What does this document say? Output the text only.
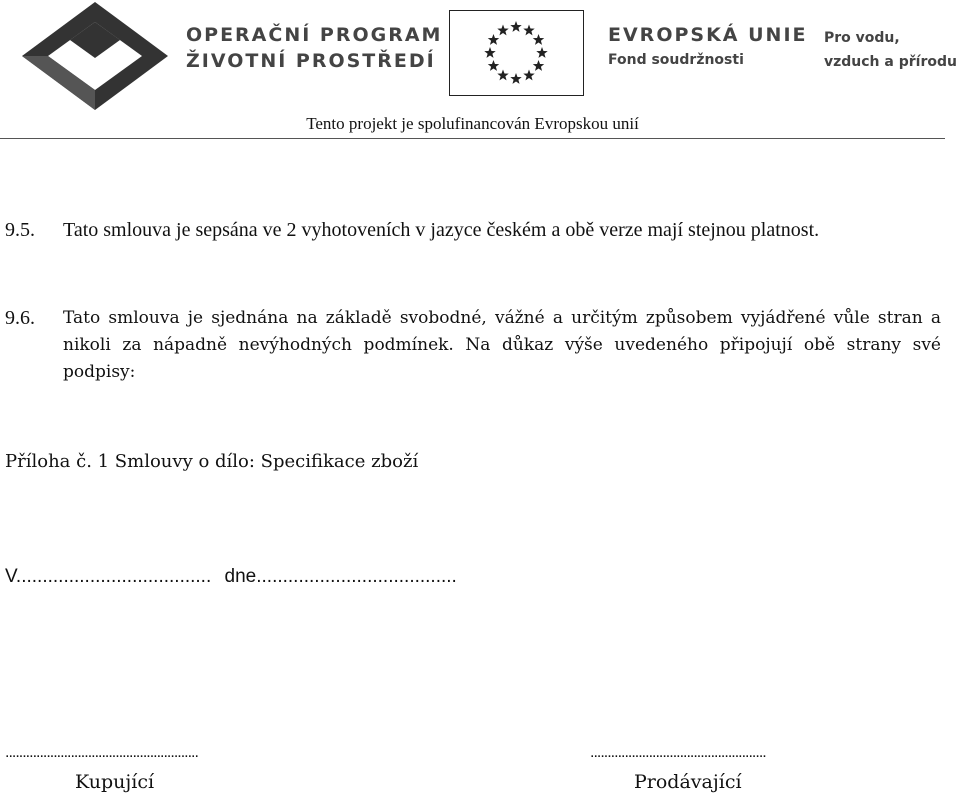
OPERAČNÍ PROGRAM
ŽIVOTNÍ PROSTŘEDÍ
EVROPSKÁ UNIE
Fond soudržnosti
Pro vodu,
vzduch a přírodu
Tento projekt je spolufinancován Evropskou unií
9.5. Tato smlouva je sepsána ve 2 vyhotoveních v jazyce českém a obě verze mají stejnou platnost.
9.6. Tato smlouva je sjednána na základě svobodné, vážné a určitým způsobem vyjádřené vůle stran a nikoli za nápadně nevýhodných podmínek. Na důkaz výše uvedeného připojují obě strany své podpisy:
Příloha č. 1 Smlouvy o dílo: Specifikace zboží
V..................................... dne......................................
........................................................	...................................................
Kupující	Prodávající
